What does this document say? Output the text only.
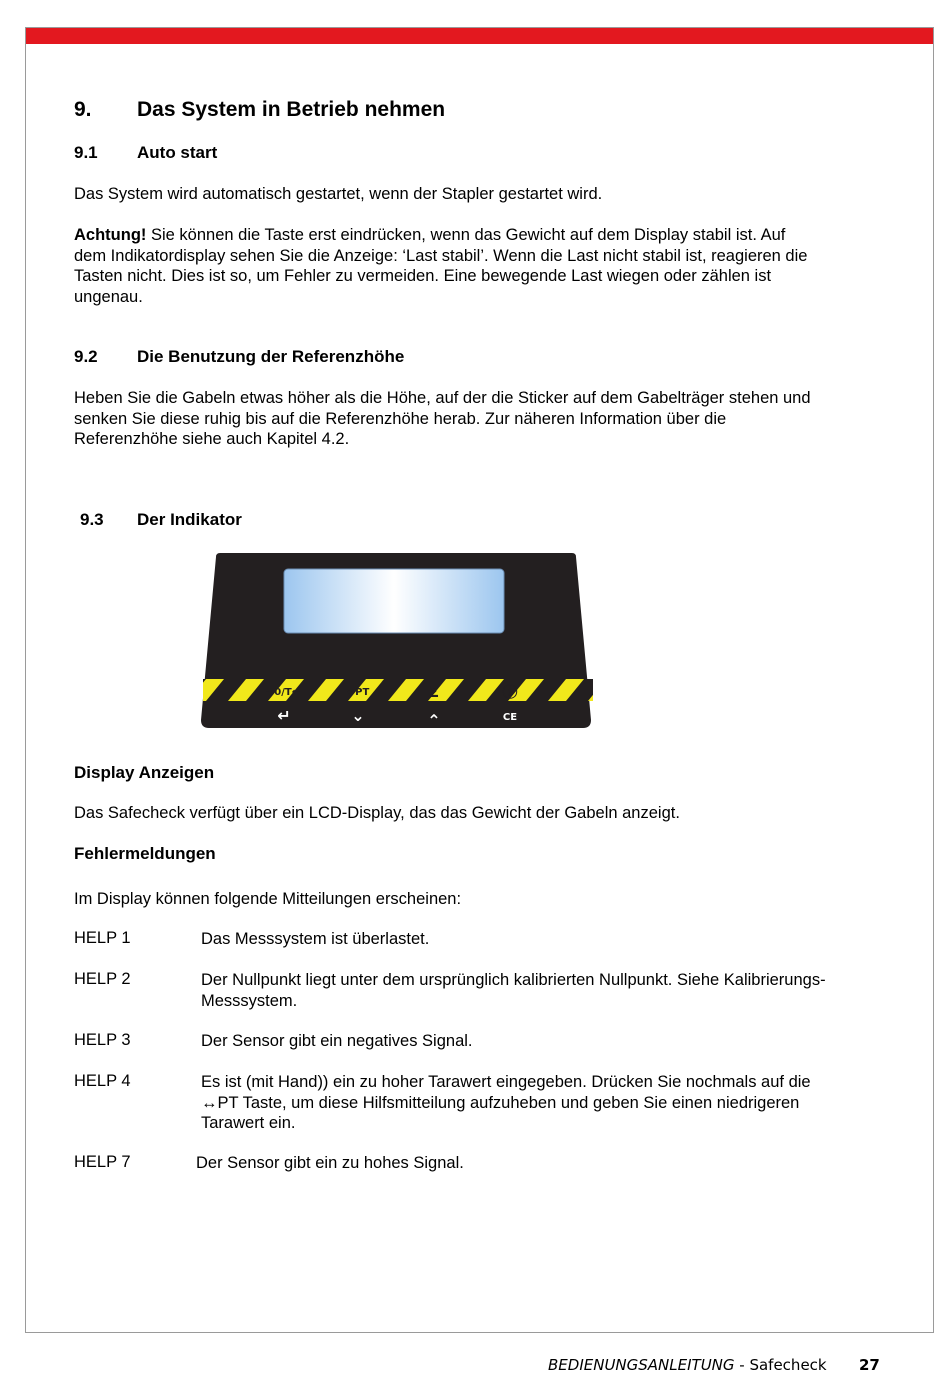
9. Das System in Betrieb nehmen
9.1 Auto start
Das System wird automatisch gestartet, wenn der Stapler gestartet wird.
Achtung! Sie können die Taste erst eindrücken, wenn das Gewicht auf dem Display stabil ist. Auf
dem Indikatordisplay sehen Sie die Anzeige: ‘Last stabil’. Wenn die Last nicht stabil ist, reagieren die
Tasten nicht. Dies ist so, um Fehler zu vermeiden. Eine bewegende Last wiegen oder zählen ist
ungenau.
9.2 Die Benutzung der Referenzhöhe
Heben Sie die Gabeln etwas höher als die Höhe, auf der die Sticker auf dem Gabelträger stehen und
senken Sie diese ruhig bis auf die Referenzhöhe herab. Zur näheren Information über die
Referenzhöhe siehe auch Kapitel 4.2.
9.3 Der Indikator
→0/T←	↔PT	Σ	ⓘ
↵	⌄	⌃	CE
Display Anzeigen
Das Safecheck verfügt über ein LCD-Display, das das Gewicht der Gabeln anzeigt.
Fehlermeldungen
Im Display können folgende Mitteilungen erscheinen:
HELP 1	Das Messsystem ist überlastet.
HELP 2	Der Nullpunkt liegt unter dem ursprünglich kalibrierten Nullpunkt. Siehe Kalibrierungs-
Messsystem.
HELP 3	Der Sensor gibt ein negatives Signal.
HELP 4	Es ist (mit Hand)) ein zu hoher Tarawert eingegeben. Drücken Sie nochmals auf die
↔PT Taste, um diese Hilfsmitteilung aufzuheben und geben Sie einen niedrigeren
Tarawert ein.
HELP 7	Der Sensor gibt ein zu hohes Signal.
BEDIENUNGSANLEITUNG - Safecheck 27
